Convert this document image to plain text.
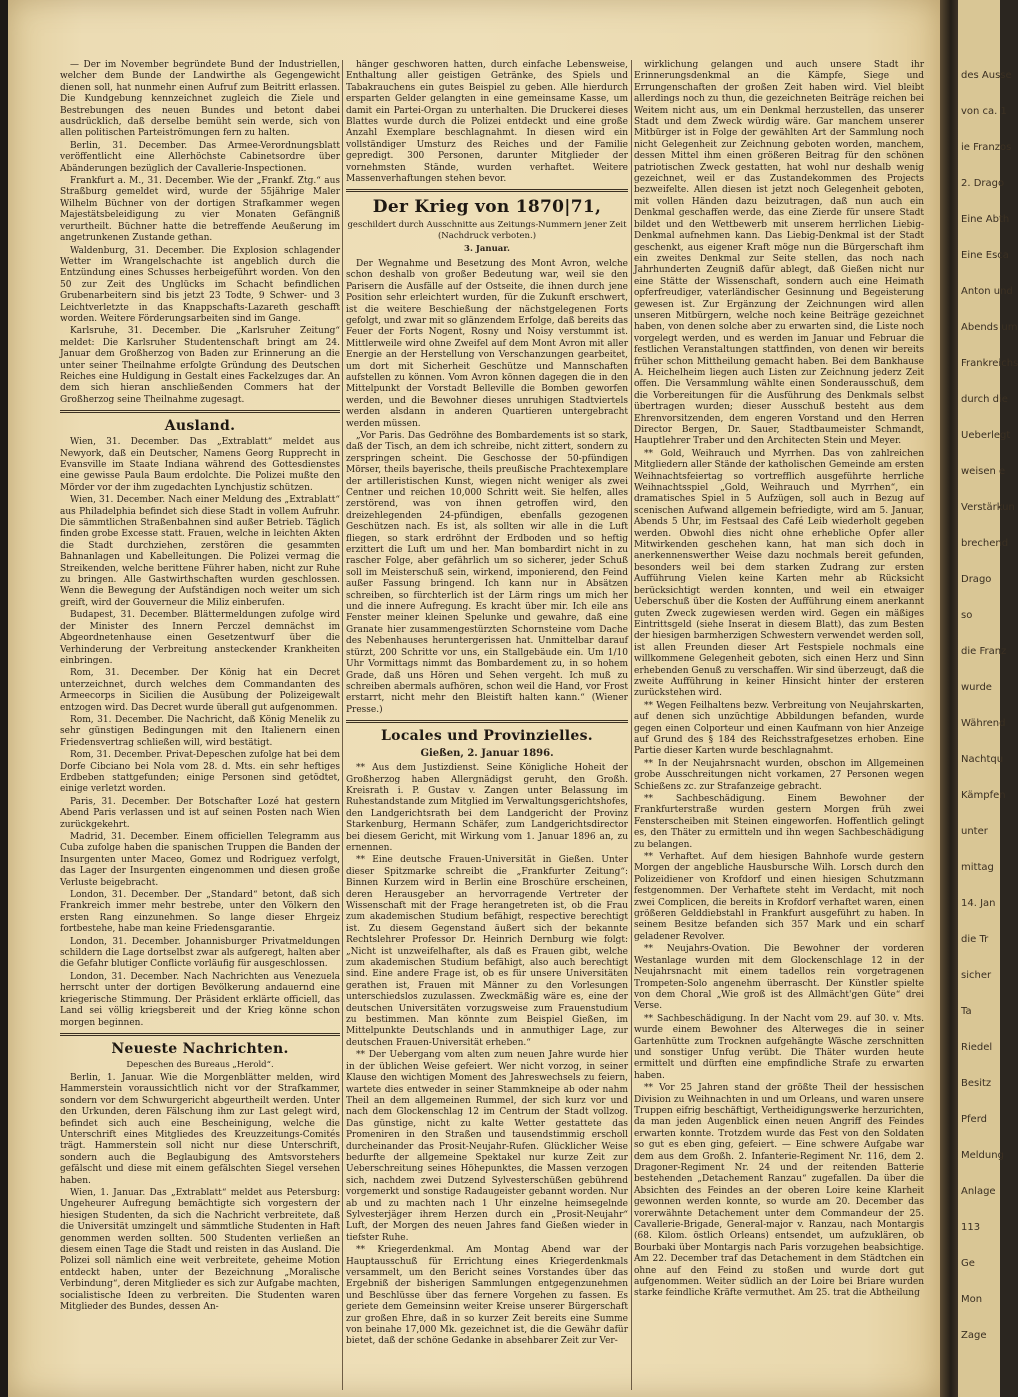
— Der im November begründete Bund der Industriellen, welcher dem Bunde der Landwirthe als Gegengewicht dienen soll, hat nunmehr einen Aufruf zum Beitritt erlassen. Die Kundgebung kennzeichnet zugleich die Ziele und Bestrebungen des neuen Bundes und betont dabei ausdrücklich, daß derselbe bemüht sein werde, sich von allen politischen Parteiströmungen fern zu halten.

Berlin, 31. December. Das Armee-Verordnungsblatt veröffentlicht eine Allerhöchste Cabinetsordre über Abänderungen bezüglich der Cavallerie-Inspectionen.

Frankfurt a. M., 31. December. Wie der „Frankf. Ztg.“ aus Straßburg gemeldet wird, wurde der 55jährige Maler Wilhelm Büchner von der dortigen Strafkammer wegen Majestätsbeleidigung zu vier Monaten Gefängniß verurtheilt. Büchner hatte die betreffende Aeußerung im angetrunkenen Zustande gethan.

Waldenburg, 31. December. Die Explosion schlagender Wetter im Wrangelschachte ist angeblich durch die Entzündung eines Schusses herbeigeführt worden. Von den 50 zur Zeit des Unglücks im Schacht befindlichen Grubenarbeitern sind bis jetzt 23 Todte, 9 Schwer- und 3 Leichtverletzte in das Knappschafts-Lazareth geschafft worden. Weitere Förderungsarbeiten sind im Gange.

Karlsruhe, 31. December. Die „Karlsruher Zeitung“ meldet: Die Karlsruher Studentenschaft bringt am 24. Januar dem Großherzog von Baden zur Erinnerung an die unter seiner Theilnahme erfolgte Gründung des Deutschen Reiches eine Huldigung in Gestalt eines Fackelzuges dar. An dem sich hieran anschließenden Commers hat der Großherzog seine Theilnahme zugesagt.

Ausland.

Wien, 31. December. Das „Extrablatt“ meldet aus Newyork, daß ein Deutscher, Namens Georg Rupprecht in Evansville im Staate Indiana während des Gottesdienstes eine gewisse Paula Baum erdolchte. Die Polizei mußte den Mörder vor der ihm zugedachten Lynchjustiz schützen.

Wien, 31. December. Nach einer Meldung des „Extrablatt“ aus Philadelphia befindet sich diese Stadt in vollem Aufruhr. Die sämmtlichen Straßenbahnen sind außer Betrieb. Täglich finden grobe Excesse statt. Frauen, welche in leichten Akten die Stadt durchziehen, zerstören die gesammten Bahnanlagen und Kabelleitungen. Die Polizei vermag die Streikenden, welche berittene Führer haben, nicht zur Ruhe zu bringen. Alle Gastwirthschaften wurden geschlossen. Wenn die Bewegung der Aufständigen noch weiter um sich greift, wird der Gouverneur die Miliz einberufen.

Budapest, 31. December. Blättermeldungen zufolge wird der Minister des Innern Perczel demnächst im Abgeordnetenhause einen Gesetzentwurf über die Verhinderung der Verbreitung ansteckender Krankheiten einbringen.

Rom, 31. December. Der König hat ein Decret unterzeichnet, durch welches dem Commandanten des Armeecorps in Sicilien die Ausübung der Polizeigewalt entzogen wird. Das Decret wurde überall gut aufgenommen.

Rom, 31. December. Die Nachricht, daß König Menelik zu sehr günstigen Bedingungen mit den Italienern einen Friedensvertrag schließen will, wird bestätigt.

Rom, 31. December. Privat-Depeschen zufolge hat bei dem Dorfe Cibciano bei Nola vom 28. d. Mts. ein sehr heftiges Erdbeben stattgefunden; einige Personen sind getödtet, einige verletzt worden.

Paris, 31. December. Der Botschafter Lozé hat gestern Abend Paris verlassen und ist auf seinen Posten nach Wien zurückgekehrt.

Madrid, 31. December. Einem officiellen Telegramm aus Cuba zufolge haben die spanischen Truppen die Banden der Insurgenten unter Maceo, Gomez und Rodriguez verfolgt, das Lager der Insurgenten eingenommen und diesen große Verluste beigebracht.

London, 31. December. Der „Standard“ betont, daß sich Frankreich immer mehr bestrebe, unter den Völkern den ersten Rang einzunehmen. So lange dieser Ehrgeiz fortbestehe, habe man keine Friedensgarantie.

London, 31. December. Johannisburger Privatmeldungen schildern die Lage dortselbst zwar als aufgeregt, halten aber die Gefahr blutiger Conflicte vorläufig für ausgeschlossen.

London, 31. December. Nach Nachrichten aus Venezuela herrscht unter der dortigen Bevölkerung andauernd eine kriegerische Stimmung. Der Präsident erklärte officiell, das Land sei völlig kriegsbereit und der Krieg könne schon morgen beginnen.

Neueste Nachrichten.
Depeschen des Bureaus „Herold“.

Berlin, 1. Januar. Wie die Morgenblätter melden, wird Hammerstein voraussichtlich nicht vor der Strafkammer, sondern vor dem Schwurgericht abgeurtheilt werden. Unter den Urkunden, deren Fälschung ihm zur Last gelegt wird, befindet sich auch eine Bescheinigung, welche die Unterschrift eines Mitgliedes des Kreuzzeitungs-Comités trägt. Hammerstein soll nicht nur diese Unterschrift, sondern auch die Beglaubigung des Amtsvorstehers gefälscht und diese mit einem gefälschten Siegel versehen haben.

Wien, 1. Januar. Das „Extrablatt“ meldet aus Petersburg: Ungeheurer Aufregung bemächtigte sich vorgestern der hiesigen Studenten, da sich die Nachricht verbreitete, daß die Universität umzingelt und sämmtliche Studenten in Haft genommen werden sollten. 500 Studenten verließen an diesem einen Tage die Stadt und reisten in das Ausland. Die Polizei soll nämlich eine weit verbreitete, geheime Motion entdeckt haben, unter der Bezeichnung „Moralische Verbindung“, deren Mitglieder es sich zur Aufgabe machten, socialistische Ideen zu verbreiten. Die Studenten waren Mitglieder des Bundes, dessen An-

hänger geschworen hatten, durch einfache Lebensweise, Enthaltung aller geistigen Getränke, des Spiels und Tabakrauchens ein gutes Beispiel zu geben. Alle hierdurch ersparten Gelder gelangten in eine gemeinsame Kasse, um damit ein Partei-Organ zu unterhalten. Die Druckerei dieses Blattes wurde durch die Polizei entdeckt und eine große Anzahl Exemplare beschlagnahmt. In diesen wird ein vollständiger Umsturz des Reiches und der Familie gepredigt. 300 Personen, darunter Mitglieder der vornehmsten Stände, wurden verhaftet. Weitere Massenverhaftungen stehen bevor.

Der Krieg von 1870|71,
geschildert durch Ausschnitte aus Zeitungs-Nummern jener Zeit (Nachdruck verboten.)
3. Januar.

Der Wegnahme und Besetzung des Mont Avron, welche schon deshalb von großer Bedeutung war, weil sie den Parisern die Ausfälle auf der Ostseite, die ihnen durch jene Position sehr erleichtert wurden, für die Zukunft erschwert, ist die weitere Beschießung der nächstgelegenen Forts gefolgt, und zwar mit so glänzendem Erfolge, daß bereits das Feuer der Forts Nogent, Rosny und Noisy verstummt ist. Mittlerweile wird ohne Zweifel auf dem Mont Avron mit aller Energie an der Herstellung von Verschanzungen gearbeitet, um dort mit Sicherheit Geschütze und Mannschaften aufstellen zu können. Vom Avron können dagegen die in den Mittelpunkt der Vorstadt Belleville die Bomben geworfen werden, und die Bewohner dieses unruhigen Stadtviertels werden alsdann in anderen Quartieren untergebracht werden müssen.

„Vor Paris. Das Gedröhne des Bombardements ist so stark, daß der Tisch, an dem ich schreibe, nicht zittert, sondern zu zerspringen scheint. Die Geschosse der 50-pfündigen Mörser, theils bayerische, theils preußische Prachtexemplare der artilleristischen Kunst, wiegen nicht weniger als zwei Centner und reichen 10,000 Schritt weit. Sie helfen, alles zerstörend, was von ihnen getroffen wird, den dreizehlegenden 24-pfündigen, ebenfalls gezogenen Geschützen nach. Es ist, als sollten wir alle in die Luft fliegen, so stark erdröhnt der Erdboden und so heftig erzittert die Luft um und her. Man bombardirt nicht in zu rascher Folge, aber gefährlich um so sicherer, jeder Schuß soll im Meisterschuß sein, wirkend, imponierend, den Feind außer Fassung bringend. Ich kann nur in Absätzen schreiben, so fürchterlich ist der Lärm rings um mich her und die innere Aufregung. Es kracht über mir. Ich eile ans Fenster meiner kleinen Spelunke und gewahre, daß eine Granate hier zusammengestürzten Schornsteine vom Dache des Nebenhauses heruntergerissen hat. Unmittelbar darauf stürzt, 200 Schritte vor uns, ein Stallgebäude ein. Um 1/10 Uhr Vormittags nimmt das Bombardement zu, in so hohem Grade, daß uns Hören und Sehen vergeht. Ich muß zu schreiben abermals aufhören, schon weil die Hand, vor Frost erstarrt, nicht mehr den Bleistift halten kann.“ (Wiener Presse.)

Locales und Provinzielles.
Gießen, 2. Januar 1896.

** Aus dem Justizdienst. Seine Königliche Hoheit der Großherzog haben Allergnädigst geruht, den Großh. Kreisrath i. P. Gustav v. Zangen unter Belassung im Ruhestandstande zum Mitglied im Verwaltungsgerichtshofes, den Landgerichtsrath bei dem Landgericht der Provinz Starkenburg, Hermann Schäfer, zum Landgerichtsdirector bei diesem Gericht, mit Wirkung vom 1. Januar 1896 an, zu ernennen.

** Eine deutsche Frauen-Universität in Gießen. Unter dieser Spitzmarke schreibt die „Frankfurter Zeitung“: Binnen Kurzem wird in Berlin eine Broschüre erscheinen, deren Herausgeber an hervorragende Vertreter der Wissenschaft mit der Frage herangetreten ist, ob die Frau zum akademischen Studium befähigt, respective berechtigt ist. Zu diesem Gegenstand äußert sich der bekannte Rechtslehrer Professor Dr. Heinrich Dernburg wie folgt: „Nicht ist unzweifelhafter, als daß es Frauen gibt, welche zum akademischen Studium befähigt, also auch berechtigt sind. Eine andere Frage ist, ob es für unsere Universitäten gerathen ist, Frauen mit Männer zu den Vorlesungen unterschiedslos zuzulassen. Zweckmäßig wäre es, eine der deutschen Universitäten vorzugsweise zum Frauenstudium zu bestimmen. Man könnte zum Beispiel Gießen, im Mittelpunkte Deutschlands und in anmuthiger Lage, zur deutschen Frauen-Universität erheben.“

** Der Uebergang vom alten zum neuen Jahre wurde hier in der üblichen Weise gefeiert. Wer nicht vorzog, in seiner Klause den wichtigen Moment des Jahreswechsels zu feiern, wartete dies entweder in seiner Stammkneipe ab oder nahm Theil an dem allgemeinen Rummel, der sich kurz vor und nach dem Glockenschlag 12 im Centrum der Stadt vollzog. Das günstige, nicht zu kalte Wetter gestattete das Promeniren in den Straßen und tausendstimmig erscholl durcheinander das Prosit-Neujahr-Rufen. Glücklicher Weise bedurfte der allgemeine Spektakel nur kurze Zeit zur Ueberschreitung seines Höhepunktes, die Massen verzogen sich, nachdem zwei Dutzend Sylvesterschüßen gebührend vorgemerkt und sonstige Radaugeister gebannt worden. Nur ab und zu machten nach 1 Uhr einzelne heimsegelnde Sylvesterjäger ihrem Herzen durch ein „Prosit-Neujahr“ Luft, der Morgen des neuen Jahres fand Gießen wieder in tiefster Ruhe.

** Kriegerdenkmal. Am Montag Abend war der Hauptausschuß für Errichtung eines Kriegerdenkmals versammelt, um den Bericht seines Vorstandes über das Ergebniß der bisherigen Sammlungen entgegenzunehmen und Beschlüsse über das fernere Vorgehen zu fassen. Es geriete dem Gemeinsinn weiter Kreise unserer Bürgerschaft zur großen Ehre, daß in so kurzer Zeit bereits eine Summe von beinahe 17,000 Mk. gezeichnet ist, die die Gewähr dafür bietet, daß der schöne Gedanke in absehbarer Zeit zur Ver-

wirklichung gelangen und auch unsere Stadt ihr Erinnerungsdenkmal an die Kämpfe, Siege und Errungenschaften der großen Zeit haben wird. Viel bleibt allerdings noch zu thun, die gezeichneten Beiträge reichen bei Weitem nicht aus, um ein Denkmal herzustellen, das unserer Stadt und dem Zweck würdig wäre. Gar manchem unserer Mitbürger ist in Folge der gewählten Art der Sammlung noch nicht Gelegenheit zur Zeichnung geboten worden, manchem, dessen Mittel ihm einen größeren Beitrag für den schönen patriotischen Zweck gestatten, hat wohl nur deshalb wenig gezeichnet, weil er das Zustandekommen des Projects bezweifelte. Allen diesen ist jetzt noch Gelegenheit geboten, mit vollen Händen dazu beizutragen, daß nun auch ein Denkmal geschaffen werde, das eine Zierde für unsere Stadt bildet und den Wettbewerb mit unserem herrlichen Liebig-Denkmal aufnehmen kann. Das Liebig-Denkmal ist der Stadt geschenkt, aus eigener Kraft möge nun die Bürgerschaft ihm ein zweites Denkmal zur Seite stellen, das noch nach Jahrhunderten Zeugniß dafür ablegt, daß Gießen nicht nur eine Stätte der Wissenschaft, sondern auch eine Heimath opferfreudiger, vaterländischer Gesinnung und Begeisterung gewesen ist. Zur Ergänzung der Zeichnungen wird allen unseren Mitbürgern, welche noch keine Beiträge gezeichnet haben, von denen solche aber zu erwarten sind, die Liste noch vorgelegt werden, und es werden im Januar und Februar die festlichen Veranstaltungen stattfinden, von denen wir bereits früher schon Mittheilung gemacht haben. Bei dem Bankhause A. Heichelheim liegen auch Listen zur Zeichnung jederz Zeit offen. Die Versammlung wählte einen Sonderausschuß, dem die Vorbereitungen für die Ausführung des Denkmals selbst übertragen wurden; dieser Ausschuß besteht aus dem Ehrenvorsitzenden, dem engeren Vorstand und den Herren Director Bergen, Dr. Sauer, Stadtbaumeister Schmandt, Hauptlehrer Traber und den Architecten Stein und Meyer.

** Gold, Weihrauch und Myrrhen. Das von zahlreichen Mitgliedern aller Stände der katholischen Gemeinde am ersten Weihnachtsfeiertag so vortrefflich ausgeführte herrliche Weihnachtsspiel „Gold, Weihrauch und Myrrhen“, ein dramatisches Spiel in 5 Aufzügen, soll auch in Bezug auf scenischen Aufwand allgemein befriedigte, wird am 5. Januar, Abends 5 Uhr, im Festsaal des Café Leib wiederholt gegeben werden. Obwohl dies nicht ohne erhebliche Opfer aller Mitwirkenden geschehen kann, hat man sich doch in anerkennenswerther Weise dazu nochmals bereit gefunden, besonders weil bei dem starken Zudrang zur ersten Aufführung Vielen keine Karten mehr ab Rücksicht berücksichtigt werden konnten, und weil ein etwaiger Ueberschuß über die Kosten der Aufführung einem anerkannt guten Zweck zugewiesen werden wird. Gegen ein mäßiges Eintrittsgeld (siehe Inserat in diesem Blatt), das zum Besten der hiesigen barmherzigen Schwestern verwendet werden soll, ist allen Freunden dieser Art Festspiele nochmals eine willkommene Gelegenheit geboten, sich einen Herz und Sinn erhebenden Genuß zu verschaffen. Wir sind überzeugt, daß die zweite Aufführung in keiner Hinsicht hinter der ersteren zurückstehen wird.

** Wegen Feilhaltens bezw. Verbreitung von Neujahrskarten, auf denen sich unzüchtige Abbildungen befanden, wurde gegen einen Colporteur und einen Kaufmann von hier Anzeige auf Grund des § 184 des Reichsstrafgesetzes erhoben. Eine Partie dieser Karten wurde beschlagnahmt.

** In der Neujahrsnacht wurden, obschon im Allgemeinen grobe Ausschreitungen nicht vorkamen, 27 Personen wegen Schießens zc. zur Strafanzeige gebracht.

** Sachbeschädigung. Einem Bewohner der Frankfurterstraße wurden gestern Morgen früh zwei Fensterscheiben mit Steinen eingeworfen. Hoffentlich gelingt es, den Thäter zu ermitteln und ihn wegen Sachbeschädigung zu belangen.

** Verhaftet. Auf dem hiesigen Bahnhofe wurde gestern Morgen der angebliche Hausbursche Wilh. Lorsch durch den Polizeidiener von Krofdorf und einen hiesigen Schutzmann festgenommen. Der Verhaftete steht im Verdacht, mit noch zwei Complicen, die bereits in Krofdorf verhaftet waren, einen größeren Gelddiebstahl in Frankfurt ausgeführt zu haben. In seinem Besitze befanden sich 357 Mark und ein scharf geladener Revolver.

** Neujahrs-Ovation. Die Bewohner der vorderen Westanlage wurden mit dem Glockenschlage 12 in der Neujahrsnacht mit einem tadellos rein vorgetragenen Trompeten-Solo angenehm überrascht. Der Künstler spielte von dem Choral „Wie groß ist des Allmächt'gen Güte“ drei Verse.

** Sachbeschädigung. In der Nacht vom 29. auf 30. v. Mts. wurde einem Bewohner des Alterweges die in seiner Gartenhütte zum Trocknen aufgehängte Wäsche zerschnitten und sonstiger Unfug verübt. Die Thäter wurden heute ermittelt und dürften eine empfindliche Strafe zu erwarten haben.

** Vor 25 Jahren stand der größte Theil der hessischen Division zu Weihnachten in und um Orleans, und waren unsere Truppen eifrig beschäftigt, Vertheidigungswerke herzurichten, da man jeden Augenblick einen neuen Angriff des Feindes erwarten konnte. Trotzdem wurde das Fest von den Soldaten so gut es eben ging, gefeiert. — Eine schwere Aufgabe war dem aus dem Großh. 2. Infanterie-Regiment Nr. 116, dem 2. Dragoner-Regiment Nr. 24 und der reitenden Batterie bestehenden „Detachement Ranzau“ zugefallen. Da über die Absichten des Feindes an der oberen Loire keine Klarheit gewonnen werden konnte, so wurde am 20. December das vorerwähnte Detachement unter dem Commandeur der 25. Cavallerie-Brigade, General-major v. Ranzau, nach Montargis (68. Kilom. östlich Orleans) entsendet, um aufzuklären, ob Bourbaki über Montargis nach Paris vorzugehen beabsichtige. Am 22. December traf das Detachement in dem Städtchen ein ohne auf den Feind zu stoßen und wurde dort gut aufgenommen. Weiter südlich an der Loire bei Briare wurden starke feindliche Kräfte vermuthet. Am 25. trat die Abtheilung

des Ausse
von ca. 1
ie Franzos
2. Drago
Eine Abth
Eine Esca
Anton und
Abends um
Frankreichs
durch die
Ueberlegt
weisen e
Verstärkun
brechend
Drago
so
die Franz
wurde
Während
Nachtqu
Kämpfen
unter
mittag
14. Jan
die Tr
sicher
Ta
Riedel
Besitz
Pferd
Meldung
Anlage
113
Ge
Mon
Zage
